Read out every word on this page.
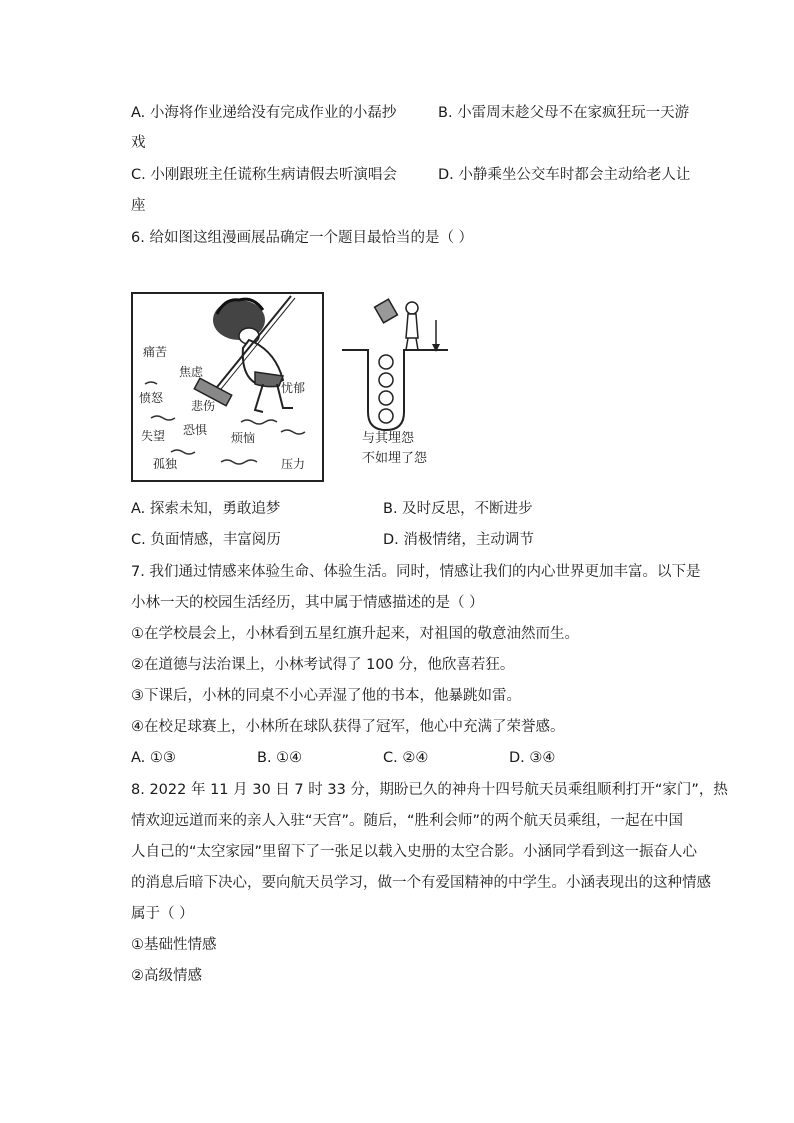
A. 小海将作业递给没有完成作业的小磊抄	B. 小雷周末趁父母不在家疯狂玩一天游
戏
C. 小刚跟班主任谎称生病请假去听演唱会	D. 小静乘坐公交车时都会主动给老人让
座
6. 给如图这组漫画展品确定一个题目最恰当的是（ ）
痛苦
焦虑
愤怒
悲伤
忧郁
失望 恐惧
烦恼
孤独	压力
与其埋怨
不如埋了怨
A. 探索未知，勇敢追梦	B. 及时反思，不断进步
C. 负面情感，丰富阅历	D. 消极情绪，主动调节
7. 我们通过情感来体验生命、体验生活。同时，情感让我们的内心世界更加丰富。以下是
小林一天的校园生活经历，其中属于情感描述的是（ ）
①在学校晨会上，小林看到五星红旗升起来，对祖国的敬意油然而生。
②在道德与法治课上，小林考试得了 100 分，他欣喜若狂。
③下课后，小林的同桌不小心弄湿了他的书本，他暴跳如雷。
④在校足球赛上，小林所在球队获得了冠军，他心中充满了荣誉感。
A. ①③	B. ①④	C. ②④	D. ③④
8. 2022 年 11 月 30 日 7 时 33 分，期盼已久的神舟十四号航天员乘组顺利打开“家门”，热
情欢迎远道而来的亲人入驻“天宫”。随后，“胜利会师”的两个航天员乘组，一起在中国
人自己的“太空家园”里留下了一张足以载入史册的太空合影。小涵同学看到这一振奋人心
的消息后暗下决心，要向航天员学习，做一个有爱国精神的中学生。小涵表现出的这种情感
属于（ ）
①基础性情感
②高级情感
